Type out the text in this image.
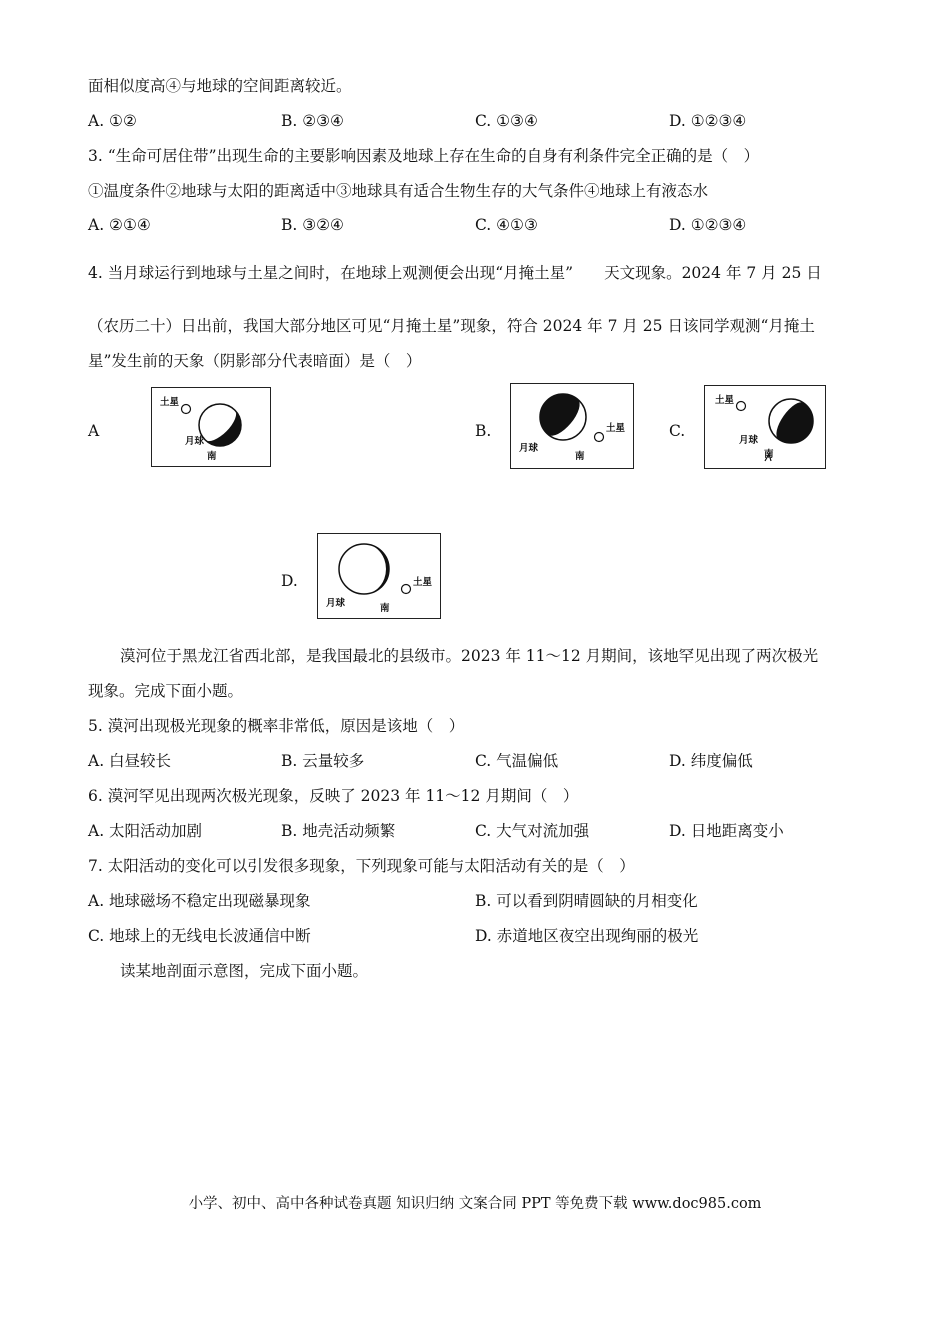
面相似度高④与地球的空间距离较近。
A. ①②	B. ②③④	C. ①③④	D. ①②③④
3. “生命可居住带”出现生命的主要影响因素及地球上存在生命的自身有利条件完全正确的是（　）
①温度条件②地球与太阳的距离适中③地球具有适合生物生存的大气条件④地球上有液态水
A. ②①④	B. ③②④	C. ④①③	D. ①②③④
4. 当月球运行到地球与土星之间时，在地球上观测便会出现“月掩土星”　　天文现象。2024 年 7 月 25 日
（农历二十）日出前，我国大部分地区可见“月掩土星”现象，符合 2024 年 7 月 25 日该同学观测“月掩土
星”发生前的天象（阴影部分代表暗面）是（　）
A
土星
月球
南
B.	土星
月球
南
C.
土星
月球
南
D.	土星
月球	南
漠河位于黑龙江省西北部，是我国最北的县级市。2023 年 11～12 月期间，该地罕见出现了两次极光
现象。完成下面小题。
5. 漠河出现极光现象的概率非常低，原因是该地（　）
A. 白昼较长	B. 云量较多	C. 气温偏低	D. 纬度偏低
6. 漠河罕见出现两次极光现象，反映了 2023 年 11～12 月期间（　）
A. 太阳活动加剧	B. 地壳活动频繁	C. 大气对流加强	D. 日地距离变小
7. 太阳活动的变化可以引发很多现象，下列现象可能与太阳活动有关的是（　）
A. 地球磁场不稳定出现磁暴现象	B. 可以看到阴晴圆缺的月相变化
C. 地球上的无线电长波通信中断	D. 赤道地区夜空出现绚丽的极光
读某地剖面示意图，完成下面小题。
小学、初中、高中各种试卷真题 知识归纳 文案合同 PPT 等免费下载 www.doc985.com
